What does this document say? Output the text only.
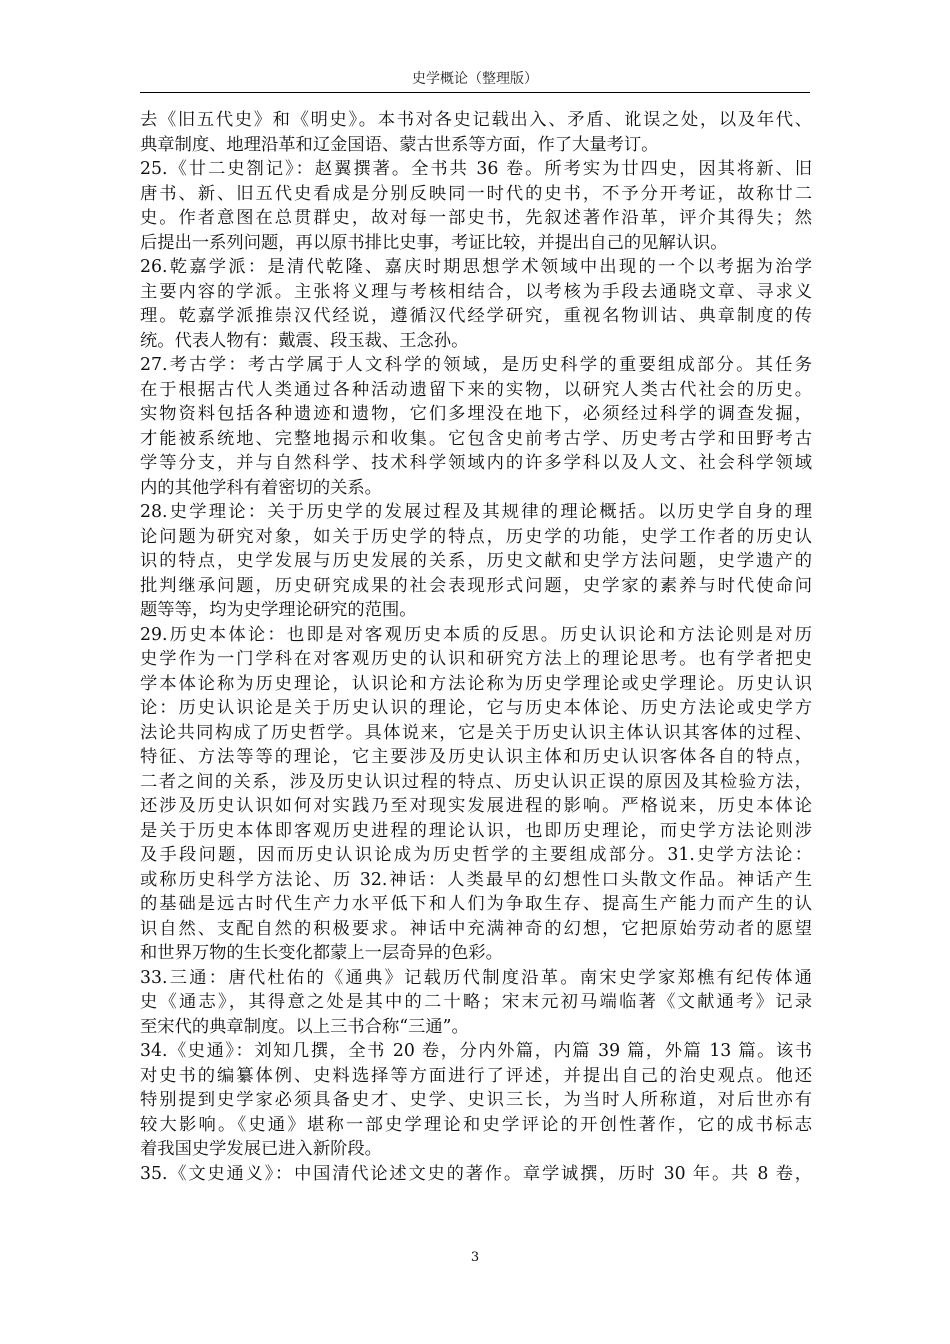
史学概论（整理版）
去《旧五代史》和《明史》。本书对各史记载出入、矛盾、讹误之处，以及年代、
典章制度、地理沿革和辽金国语、蒙古世系等方面，作了大量考订。
25.《廿二史劄记》：赵翼撰著。全书共 36 卷。所考实为廿四史，因其将新、旧
唐书、新、旧五代史看成是分别反映同一时代的史书，不予分开考证，故称廿二
史。作者意图在总贯群史，故对每一部史书，先叙述著作沿革，评介其得失；然
后提出一系列问题，再以原书排比史事，考证比较，并提出自己的见解认识。
26.乾嘉学派：是清代乾隆、嘉庆时期思想学术领域中出现的一个以考据为治学
主要内容的学派。主张将义理与考核相结合，以考核为手段去通晓文章、寻求义
理。乾嘉学派推崇汉代经说，遵循汉代经学研究，重视名物训诂、典章制度的传
统。代表人物有：戴震、段玉裁、王念孙。
27.考古学：考古学属于人文科学的领域，是历史科学的重要组成部分。其任务
在于根据古代人类通过各种活动遗留下来的实物，以研究人类古代社会的历史。
实物资料包括各种遗迹和遗物，它们多埋没在地下，必须经过科学的调查发掘，
才能被系统地、完整地揭示和收集。它包含史前考古学、历史考古学和田野考古
学等分支，并与自然科学、技术科学领域内的许多学科以及人文、社会科学领域
内的其他学科有着密切的关系。
28.史学理论：关于历史学的发展过程及其规律的理论概括。以历史学自身的理
论问题为研究对象，如关于历史学的特点，历史学的功能，史学工作者的历史认
识的特点，史学发展与历史发展的关系，历史文献和史学方法问题，史学遗产的
批判继承问题，历史研究成果的社会表现形式问题，史学家的素养与时代使命问
题等等，均为史学理论研究的范围。
29.历史本体论：也即是对客观历史本质的反思。历史认识论和方法论则是对历
史学作为一门学科在对客观历史的认识和研究方法上的理论思考。也有学者把史
学本体论称为历史理论，认识论和方法论称为历史学理论或史学理论。历史认识
论：历史认识论是关于历史认识的理论，它与历史本体论、历史方法论或史学方
法论共同构成了历史哲学。具体说来，它是关于历史认识主体认识其客体的过程、
特征、方法等等的理论，它主要涉及历史认识主体和历史认识客体各自的特点，
二者之间的关系，涉及历史认识过程的特点、历史认识正误的原因及其检验方法，
还涉及历史认识如何对实践乃至对现实发展进程的影响。严格说来，历史本体论
是关于历史本体即客观历史进程的理论认识，也即历史理论，而史学方法论则涉
及手段问题，因而历史认识论成为历史哲学的主要组成部分。31.史学方法论：
或称历史科学方法论、历 32.神话：人类最早的幻想性口头散文作品。神话产生
的基础是远古时代生产力水平低下和人们为争取生存、提高生产能力而产生的认
识自然、支配自然的积极要求。神话中充满神奇的幻想，它把原始劳动者的愿望
和世界万物的生长变化都蒙上一层奇异的色彩。
33.三通：唐代杜佑的《通典》记载历代制度沿革。南宋史学家郑樵有纪传体通
史《通志》，其得意之处是其中的二十略；宋末元初马端临著《文献通考》记录
至宋代的典章制度。以上三书合称“三通”。
34.《史通》：刘知几撰，全书 20 卷，分内外篇，内篇 39 篇，外篇 13 篇。该书
对史书的编纂体例、史料选择等方面进行了评述，并提出自己的治史观点。他还
特别提到史学家必须具备史才、史学、史识三长，为当时人所称道，对后世亦有
较大影响。《史通》堪称一部史学理论和史学评论的开创性著作，它的成书标志
着我国史学发展已进入新阶段。
35.《文史通义》：中国清代论述文史的著作。章学诚撰，历时 30 年。共 8 卷，
3
